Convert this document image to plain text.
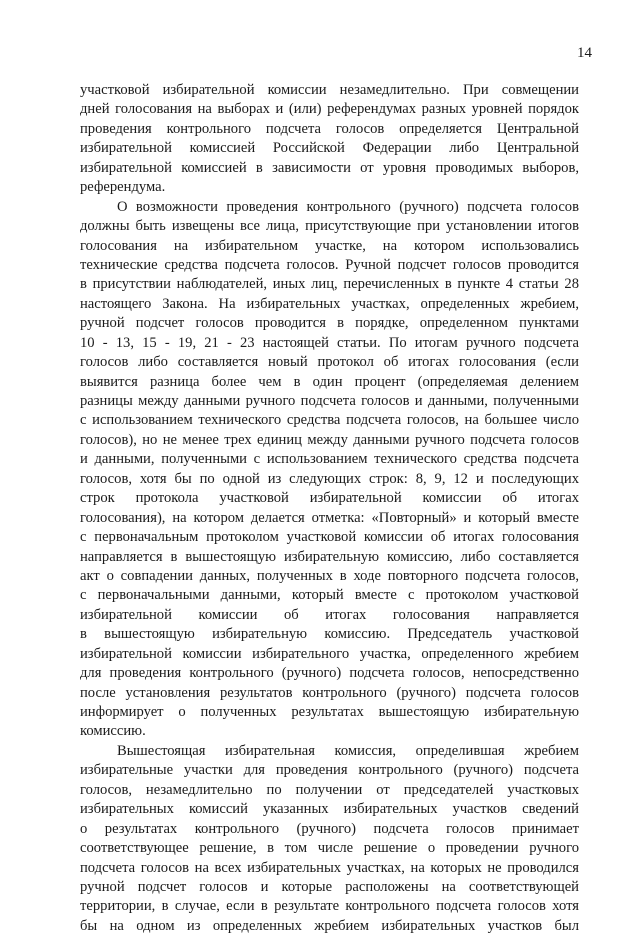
14
участковой избирательной комиссии незамедлительно. При совмещении
дней голосования на выборах и (или) референдумах разных уровней порядок
проведения контрольного подсчета голосов определяется Центральной
избирательной комиссией Российской Федерации либо Центральной
избирательной комиссией в зависимости от уровня проводимых выборов,
референдума.
О возможности проведения контрольного (ручного) подсчета голосов
должны быть извещены все лица, присутствующие при установлении итогов
голосования на избирательном участке, на котором использовались
технические средства подсчета голосов. Ручной подсчет голосов проводится
в присутствии наблюдателей, иных лиц, перечисленных в пункте 4 статьи 28
настоящего Закона. На избирательных участках, определенных жребием,
ручной подсчет голосов проводится в порядке, определенном пунктами
10 - 13, 15 - 19, 21 - 23 настоящей статьи. По итогам ручного подсчета
голосов либо составляется новый протокол об итогах голосования (если
выявится разница более чем в один процент (определяемая делением
разницы между данными ручного подсчета голосов и данными, полученными
с использованием технического средства подсчета голосов, на большее число
голосов), но не менее трех единиц между данными ручного подсчета голосов
и данными, полученными с использованием технического средства подсчета
голосов, хотя бы по одной из следующих строк: 8, 9, 12 и последующих
строк протокола участковой избирательной комиссии об итогах
голосования), на котором делается отметка: «Повторный» и который вместе
с первоначальным протоколом участковой комиссии об итогах голосования
направляется в вышестоящую избирательную комиссию, либо составляется
акт о совпадении данных, полученных в ходе повторного подсчета голосов,
с первоначальными данными, который вместе с протоколом участковой
избирательной комиссии об итогах голосования направляется
в вышестоящую избирательную комиссию. Председатель участковой
избирательной комиссии избирательного участка, определенного жребием
для проведения контрольного (ручного) подсчета голосов, непосредственно
после установления результатов контрольного (ручного) подсчета голосов
информирует о полученных результатах вышестоящую избирательную
комиссию.
Вышестоящая избирательная комиссия, определившая жребием
избирательные участки для проведения контрольного (ручного) подсчета
голосов, незамедлительно по получении от председателей участковых
избирательных комиссий указанных избирательных участков сведений
о результатах контрольного (ручного) подсчета голосов принимает
соответствующее решение, в том числе решение о проведении ручного
подсчета голосов на всех избирательных участках, на которых не проводился
ручной подсчет голосов и которые расположены на соответствующей
территории, в случае, если в результате контрольного подсчета голосов хотя
бы на одном из определенных жребием избирательных участков был
